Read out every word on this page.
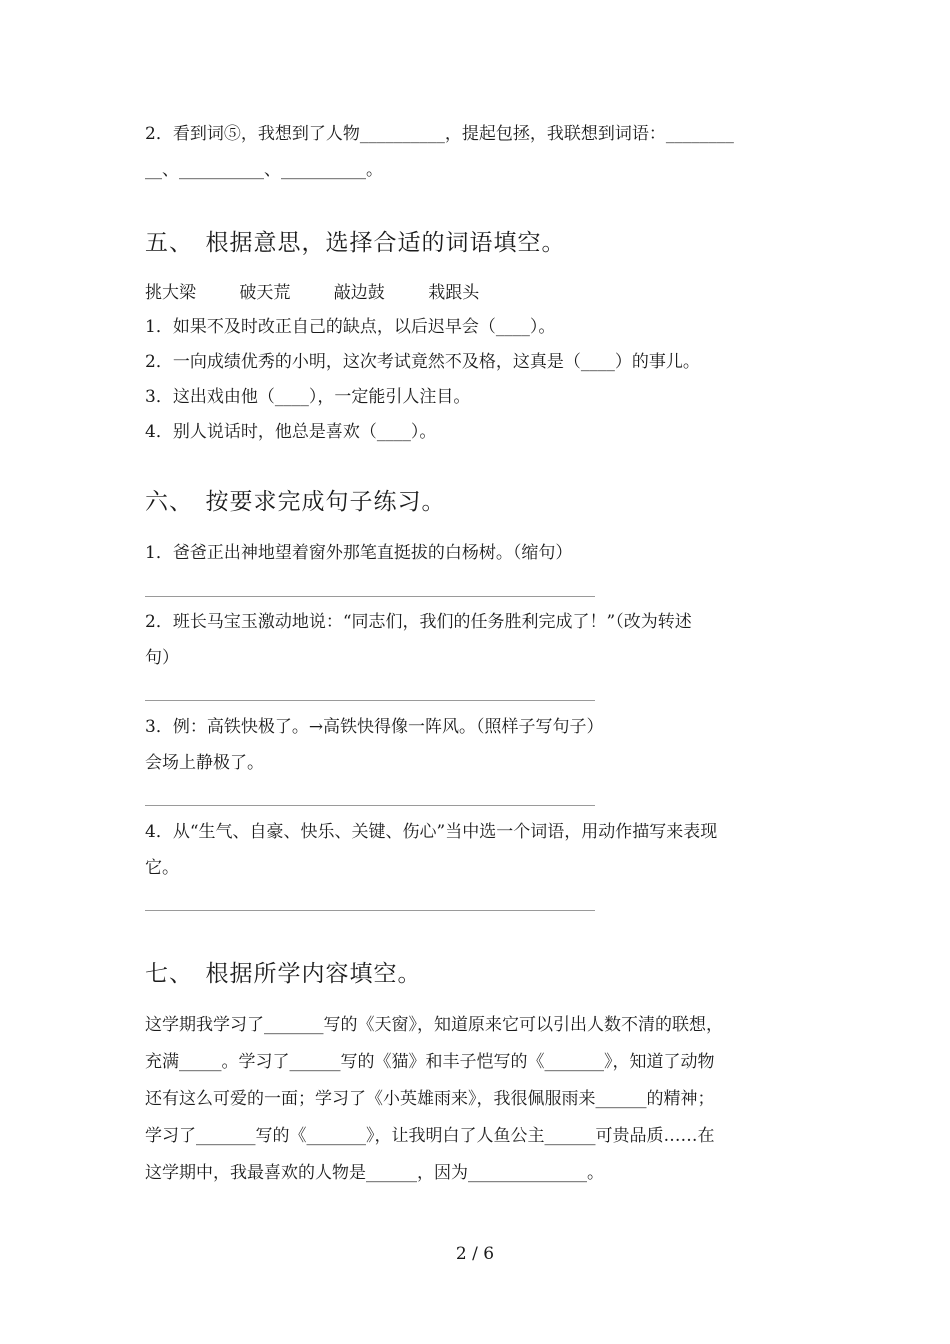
2．看到词⑤，我想到了人物__________，提起包拯，我联想到词语：________
__、__________、__________。
五、　根据意思，选择合适的词语填空。
挑大梁	破天荒	敲边鼓	栽跟头
1．如果不及时改正自己的缺点，以后迟早会（____）。
2．一向成绩优秀的小明，这次考试竟然不及格，这真是（____）的事儿。
3．这出戏由他（____），一定能引人注目。
4．别人说话时，他总是喜欢（____）。
六、　按要求完成句子练习。
1．爸爸正出神地望着窗外那笔直挺拔的白杨树。（缩句）
2．班长马宝玉激动地说：“同志们，我们的任务胜利完成了！”（改为转述
句）
3．例：高铁快极了。→高铁快得像一阵风。（照样子写句子）
会场上静极了。
4．从“生气、自豪、快乐、关键、伤心”当中选一个词语，用动作描写来表现
它。
七、　根据所学内容填空。
这学期我学习了_______写的《天窗》，知道原来它可以引出人数不清的联想，
充满_____。学习了______写的《猫》和丰子恺写的《_______》，知道了动物
还有这么可爱的一面；学习了《小英雄雨来》，我很佩服雨来______的精神；
学习了_______写的《_______》，让我明白了人鱼公主______可贵品质……在
这学期中，我最喜欢的人物是______，因为______________。
2 / 6
